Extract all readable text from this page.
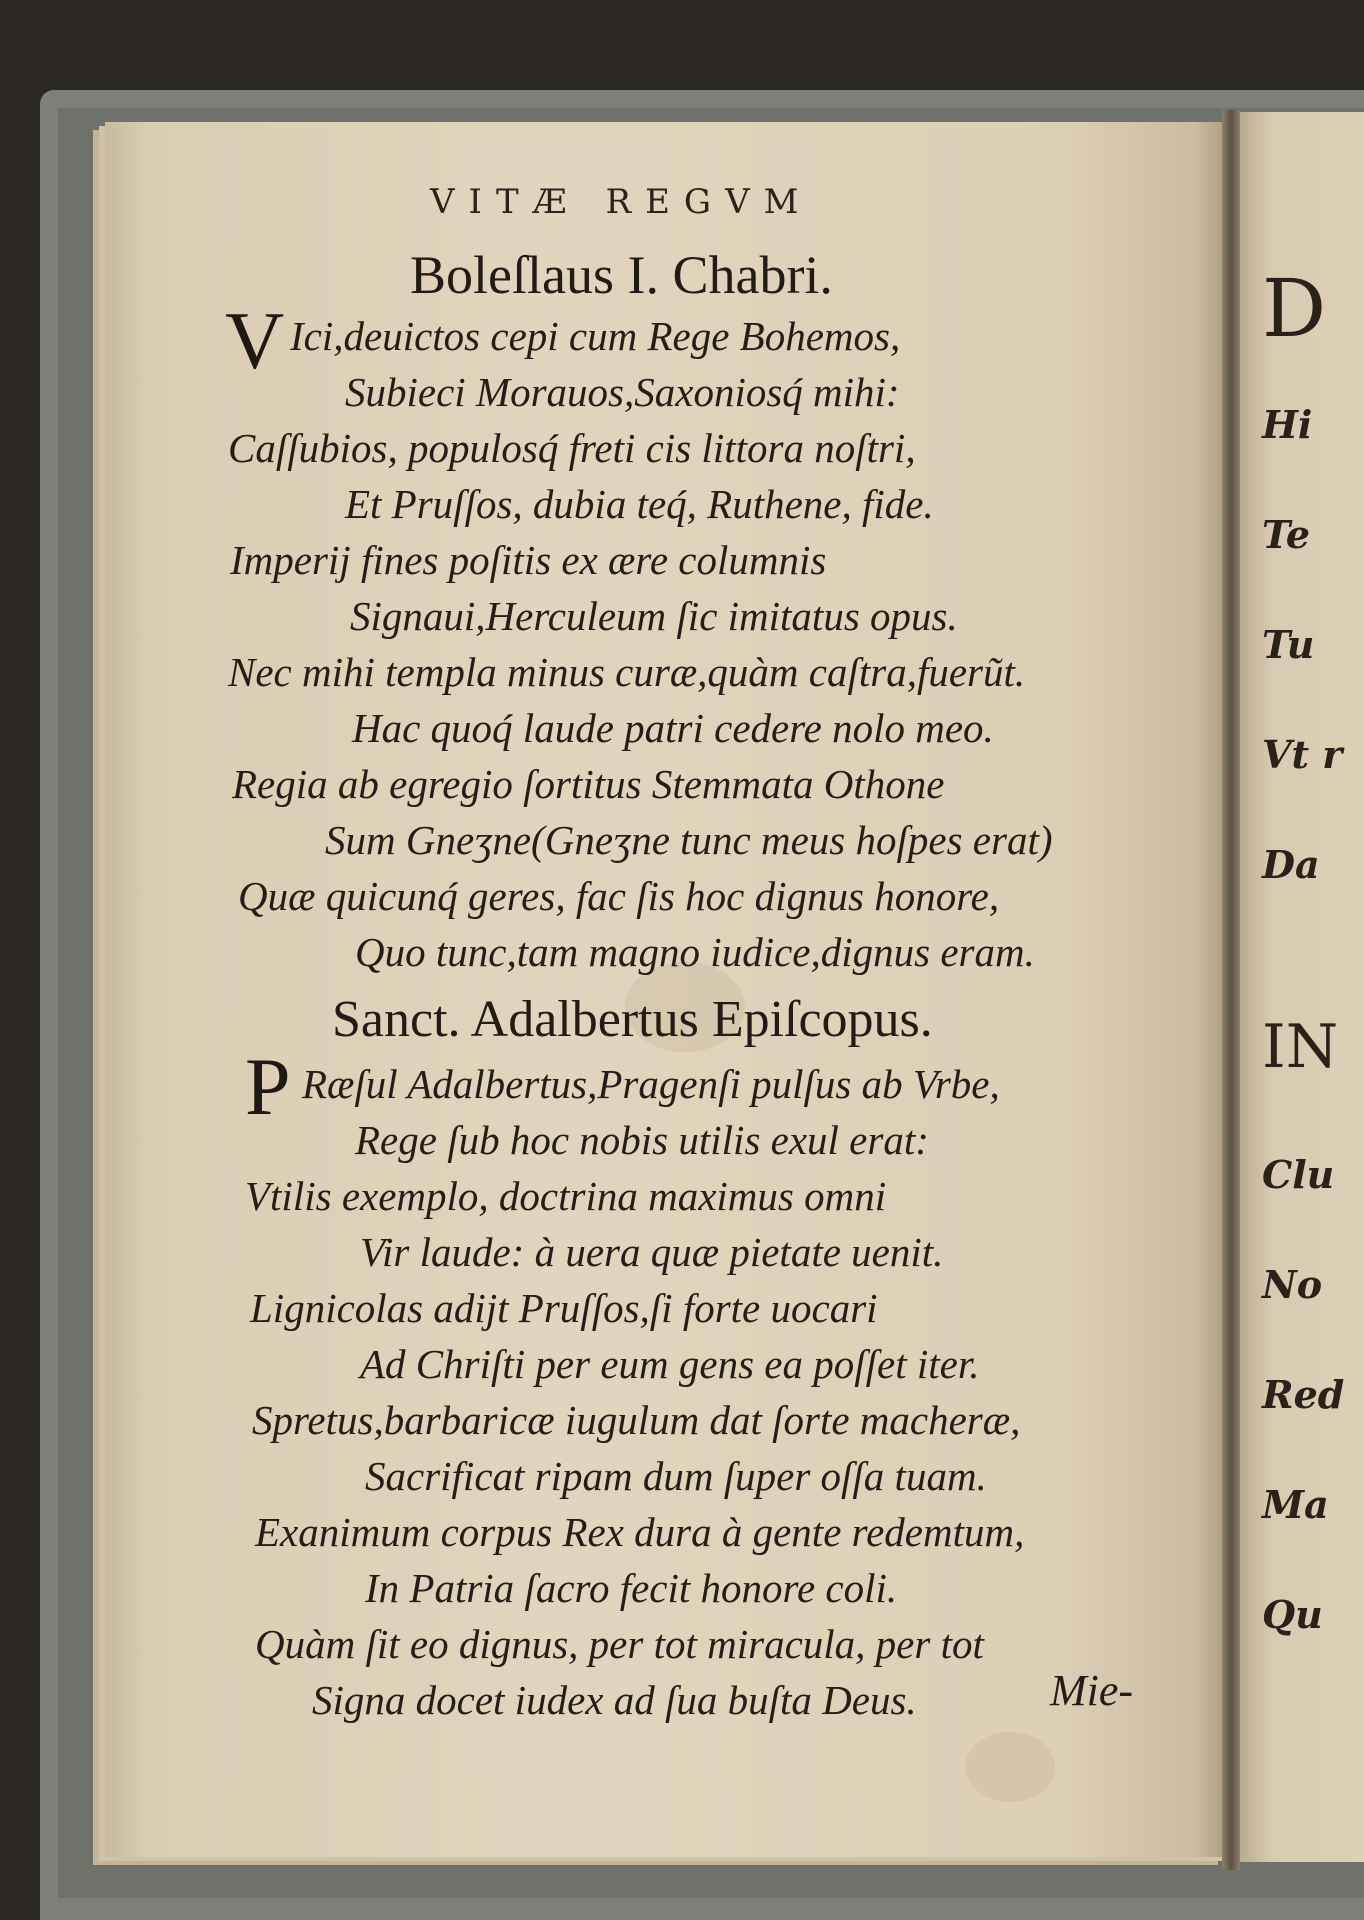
D
Hi
Te
Tu
Vt r
Da
IN
Clu
No
Red
Ma
Qu
VITÆ REGVM
Boleſlaus I. Chabri.
V Ici,deuictos cepi cum Rege Bohemos,
Subieci Morauos,Saxoniosq́ mihi:
Caſſubios, populosq́ freti cis littora noſtri,
Et Pruſſos, dubia teq́, Ruthene, fide.
Imperij fines poſitis ex ære columnis
Signaui,Herculeum ſic imitatus opus.
Nec mihi templa minus curæ,quàm caſtra,fuerũt.
Hac quoq́ laude patri cedere nolo meo.
Regia ab egregio ſortitus Stemmata Othone
Sum Gneʒne(Gneʒne tunc meus hoſpes erat)
Quæ quicunq́ geres, fac ſis hoc dignus honore,
Quo tunc,tam magno iudice,dignus eram.
Sanct. Adalbertus Epiſcopus.
P Ræſul Adalbertus,Pragenſi pulſus ab Vrbe,
Rege ſub hoc nobis utilis exul erat:
Vtilis exemplo, doctrina maximus omni
Vir laude: à uera quæ pietate uenit.
Lignicolas adijt Pruſſos,ſi forte uocari
Ad Chriſti per eum gens ea poſſet iter.
Spretus,barbaricæ iugulum dat ſorte macheræ,
Sacrificat ripam dum ſuper oſſa tuam.
Exanimum corpus Rex dura à gente redemtum,
In Patria ſacro fecit honore coli.
Quàm ſit eo dignus, per tot miracula, per tot
Signa docet iudex ad ſua buſta Deus.	Mie-
